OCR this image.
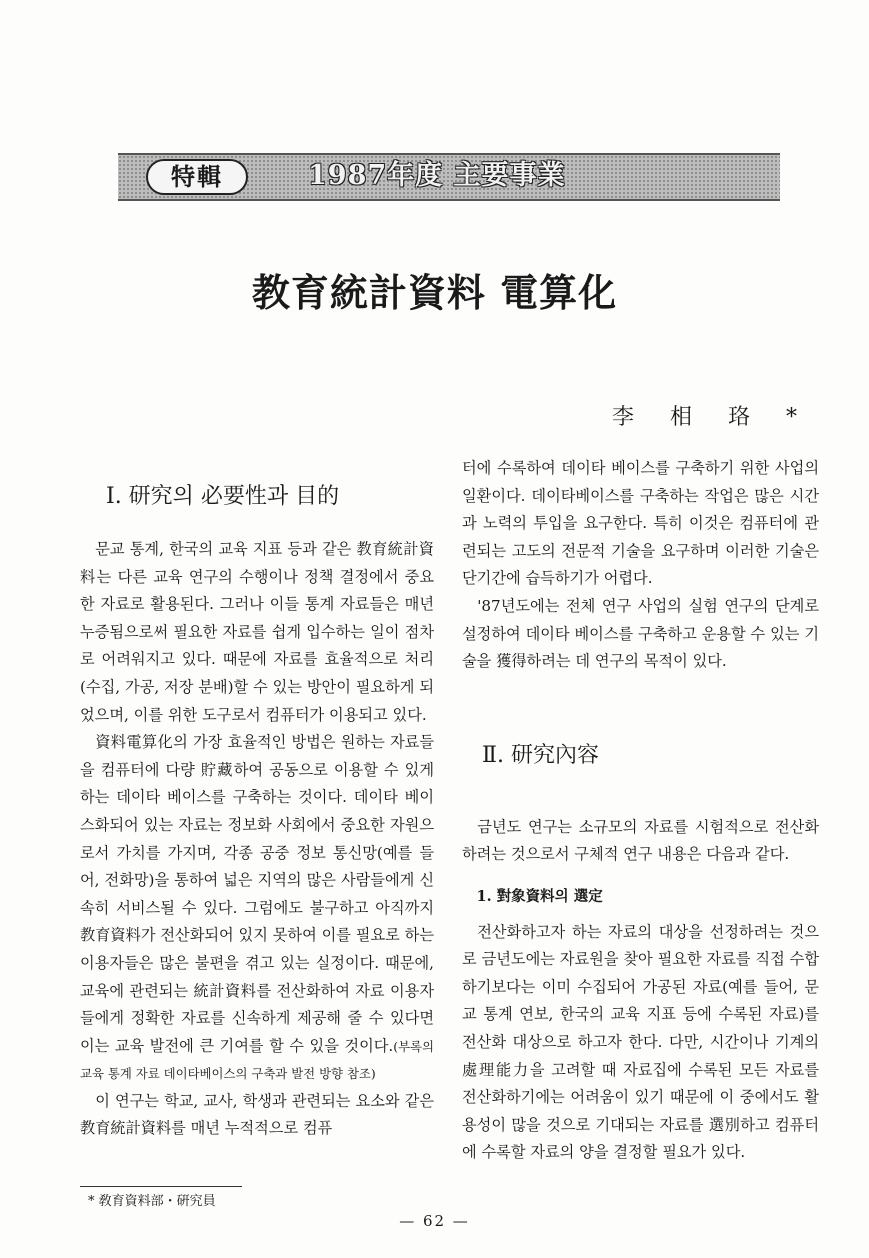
特輯	1987年度 主要事業
教育統計資料 電算化
李相珞*
Ⅰ. 研究의 必要性과 目的

문교 통계, 한국의 교육 지표 등과 같은 教育統計資料는 다른 교육 연구의 수행이나 정책 결정에서 중요한 자료로 활용된다. 그러나 이들 통계 자료들은 매년 누증됨으로써 필요한 자료를 쉽게 입수하는 일이 점차로 어려워지고 있다. 때문에 자료를 효율적으로 처리(수집, 가공, 저장 분배)할 수 있는 방안이 필요하게 되었으며, 이를 위한 도구로서 컴퓨터가 이용되고 있다.

資料電算化의 가장 효율적인 방법은 원하는 자료들을 컴퓨터에 다량 貯藏하여 공동으로 이용할 수 있게 하는 데이타 베이스를 구축하는 것이다. 데이타 베이스화되어 있는 자료는 정보화 사회에서 중요한 자원으로서 가치를 가지며, 각종 공중 정보 통신망(예를 들어, 전화망)을 통하여 넓은 지역의 많은 사람들에게 신속히 서비스될 수 있다. 그럼에도 불구하고 아직까지 教育資料가 전산화되어 있지 못하여 이를 필요로 하는 이용자들은 많은 불편을 겪고 있는 실정이다. 때문에, 교육에 관련되는 統計資料를 전산화하여 자료 이용자들에게 정확한 자료를 신속하게 제공해 줄 수 있다면 이는 교육 발전에 큰 기여를 할 수 있을 것이다.(부록의 교육 통계 자료 데이타베이스의 구축과 발전 방향 참조)

이 연구는 학교, 교사, 학생과 관련되는 요소와 같은 教育統計資料를 매년 누적적으로 컴퓨

터에 수록하여 데이타 베이스를 구축하기 위한 사업의 일환이다. 데이타베이스를 구축하는 작업은 많은 시간과 노력의 투입을 요구한다. 특히 이것은 컴퓨터에 관련되는 고도의 전문적 기술을 요구하며 이러한 기술은 단기간에 습득하기가 어렵다.

'87년도에는 전체 연구 사업의 실험 연구의 단계로 설정하여 데이타 베이스를 구축하고 운용할 수 있는 기술을 獲得하려는 데 연구의 목적이 있다.

금년도 연구는 소규모의 자료를 시험적으로 전산화하려는 것으로서 구체적 연구 내용은 다음과 같다.

1. 對象資料의 選定

전산화하고자 하는 자료의 대상을 선정하려는 것으로 금년도에는 자료원을 찾아 필요한 자료를 직접 수합하기보다는 이미 수집되어 가공된 자료(예를 들어, 문교 통계 연보, 한국의 교육 지표 등에 수록된 자료)를 전산화 대상으로 하고자 한다. 다만, 시간이나 기계의 處理能力을 고려할 때 자료집에 수록된 모든 자료를 전산화하기에는 어려움이 있기 때문에 이 중에서도 활용성이 많을 것으로 기대되는 자료를 選別하고 컴퓨터에 수록할 자료의 양을 결정할 필요가 있다.

Ⅱ. 研究內容
* 敎育資料部・硏究員
— 62 —
